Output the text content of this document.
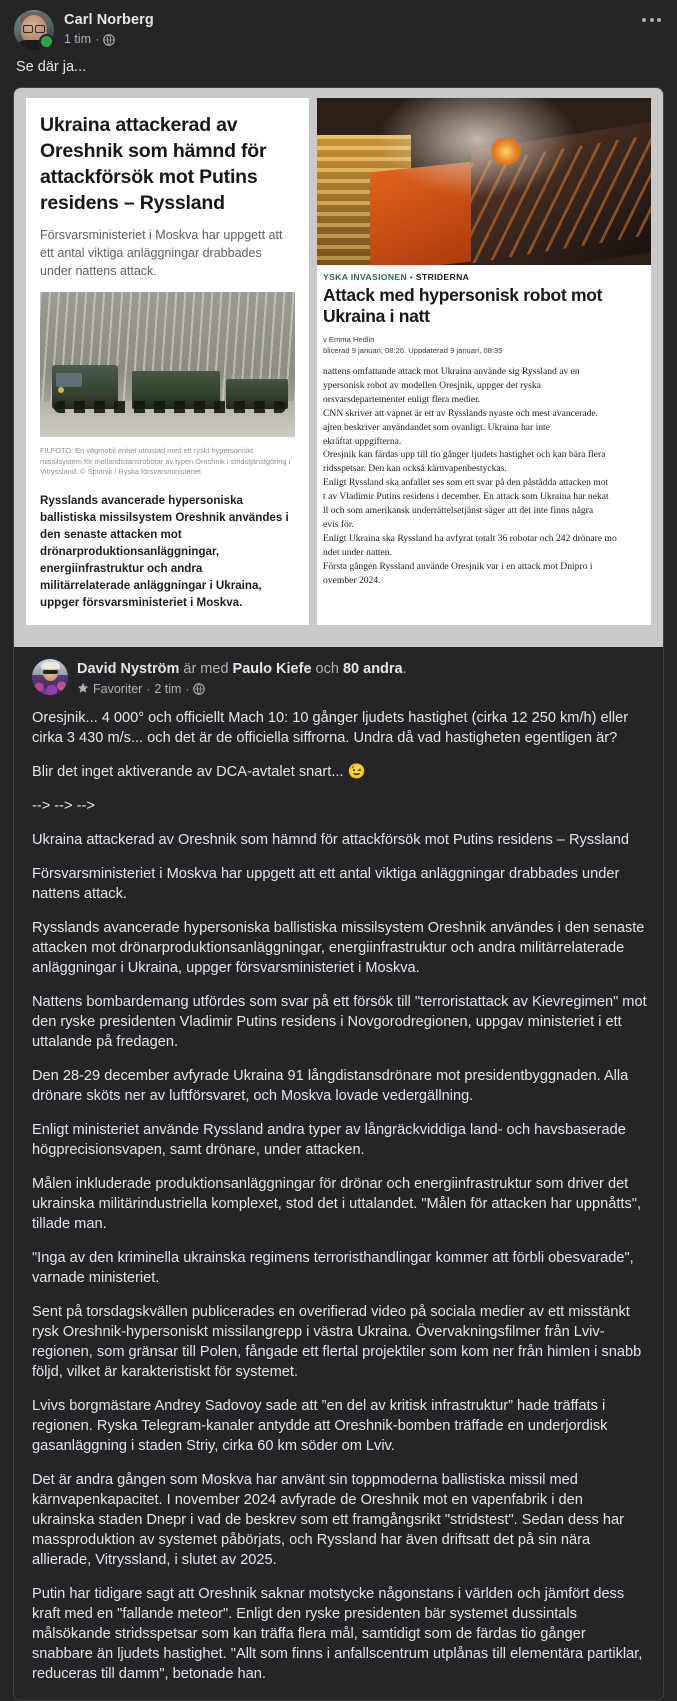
Carl Norberg
1 tim ·
Se där ja...
Ukraina attackerad av Oreshnik som hämnd för attackförsök mot Putins residens – Ryssland

Försvarsministeriet i Moskva har uppgett att ett antal viktiga anläggningar drabbades under nattens attack.

FILFOTO: En vägmobil enhet utrustad med ett ryskt hypersoniskt missilsystem för mellandistansrobotar av typen Oreshnik i stridstjänstgöring i Vitryssland. © Sputnik / Ryska försvarsministeriet

Rysslands avancerade hypersoniska ballistiska missilsystem Oreshnik användes i den senaste attacken mot drönarproduktionsanläggningar, energiinfrastruktur och andra militärrelaterade anläggningar i Ukraina, uppger försvarsministeriet i Moskva.

YSKA INVASIONEN • STRIDERNA
Attack med hypersonisk robot mot Ukraina i natt

v Emma Hedlin

blicerad 9 januari, 08:26. Uppdaterad 9 januari, 08:35

nattens omfattande attack mot Ukraina använde sig Ryssland av en

ypersonisk robot av modellen Oresjnik, uppger det ryska

orsvarsdepartementet enligt flera medier.

CNN skriver att vapnet är ett av Rysslands nyaste och mest avancerade.

ajten beskriver användandet som ovanligt. Ukraina har inte

ekräftat uppgifterna.

Oresjnik kan färdas upp till tio gånger ljudets hastighet och kan bära flera

ridsspetsar. Den kan också kärnvapenbestyckas.

Enligt Ryssland ska anfallet ses som ett svar på den påstådda attacken mot

t av Vladimir Putins residens i december. En attack som Ukraina har nekat

ll och som amerikansk underrättelsetjänst säger att det inte finns några

evis för.

Enligt Ukraina ska Ryssland ha avfyrat totalt 36 robotar och 242 drönare mo

ndet under natten.

Första gången Ryssland använde Oresjnik var i en attack mot Dnipro i

ovember 2024.

David Nyström är med Paulo Kiefe och 80 andra.
Favoriter · 2 tim ·

Oresjnik... 4 000° och officiellt Mach 10: 10 gånger ljudets hastighet (cirka 12 250 km/h) eller cirka 3 430 m/s... och det är de officiella siffrorna. Undra då vad hastigheten egentligen är?

Blir det inget aktiverande av DCA-avtalet snart... 😉

--> --> -->

Ukraina attackerad av Oreshnik som hämnd för attackförsök mot Putins residens – Ryssland

Försvarsministeriet i Moskva har uppgett att ett antal viktiga anläggningar drabbades under nattens attack.

Rysslands avancerade hypersoniska ballistiska missilsystem Oreshnik användes i den senaste attacken mot drönarproduktionsanläggningar, energiinfrastruktur och andra militärrelaterade anläggningar i Ukraina, uppger försvarsministeriet i Moskva.

Nattens bombardemang utfördes som svar på ett försök till "terroristattack av Kievregimen" mot den ryske presidenten Vladimir Putins residens i Novgorodregionen, uppgav ministeriet i ett uttalande på fredagen.

Den 28-29 december avfyrade Ukraina 91 långdistansdrönare mot presidentbyggnaden. Alla drönare sköts ner av luftförsvaret, och Moskva lovade vedergällning.

Enligt ministeriet använde Ryssland andra typer av långräckviddiga land- och havsbaserade högprecisionsvapen, samt drönare, under attacken.

Målen inkluderade produktionsanläggningar för drönar och energiinfrastruktur som driver det ukrainska militärindustriella komplexet, stod det i uttalandet. "Målen för attacken har uppnåtts", tillade man.

"Inga av den kriminella ukrainska regimens terroristhandlingar kommer att förbli obesvarade", varnade ministeriet.

Sent på torsdagskvällen publicerades en overifierad video på sociala medier av ett misstänkt rysk Oreshnik-hypersoniskt missilangrepp i västra Ukraina. Övervakningsfilmer från Lviv-regionen, som gränsar till Polen, fångade ett flertal projektiler som kom ner från himlen i snabb följd, vilket är karakteristiskt för systemet.

Lvivs borgmästare Andrey Sadovoy sade att ”en del av kritisk infrastruktur” hade träffats i regionen. Ryska Telegram-kanaler antydde att Oreshnik-bomben träffade en underjordisk gasanläggning i staden Striy, cirka 60 km söder om Lviv.

Det är andra gången som Moskva har använt sin toppmoderna ballistiska missil med kärnvapenkapacitet. I november 2024 avfyrade de Oreshnik mot en vapenfabrik i den ukrainska staden Dnepr i vad de beskrev som ett framgångsrikt "stridstest". Sedan dess har massproduktion av systemet påbörjats, och Ryssland har även driftsatt det på sin nära allierade, Vitryssland, i slutet av 2025.

Putin har tidigare sagt att Oreshnik saknar motstycke någonstans i världen och jämfört dess kraft med en "fallande meteor". Enligt den ryske presidenten bär systemet dussintals målsökande stridsspetsar som kan träffa flera mål, samtidigt som de färdas tio gånger snabbare än ljudets hastighet. "Allt som finns i anfallscentrum utplånas till elementära partiklar, reduceras till damm", betonade han.
